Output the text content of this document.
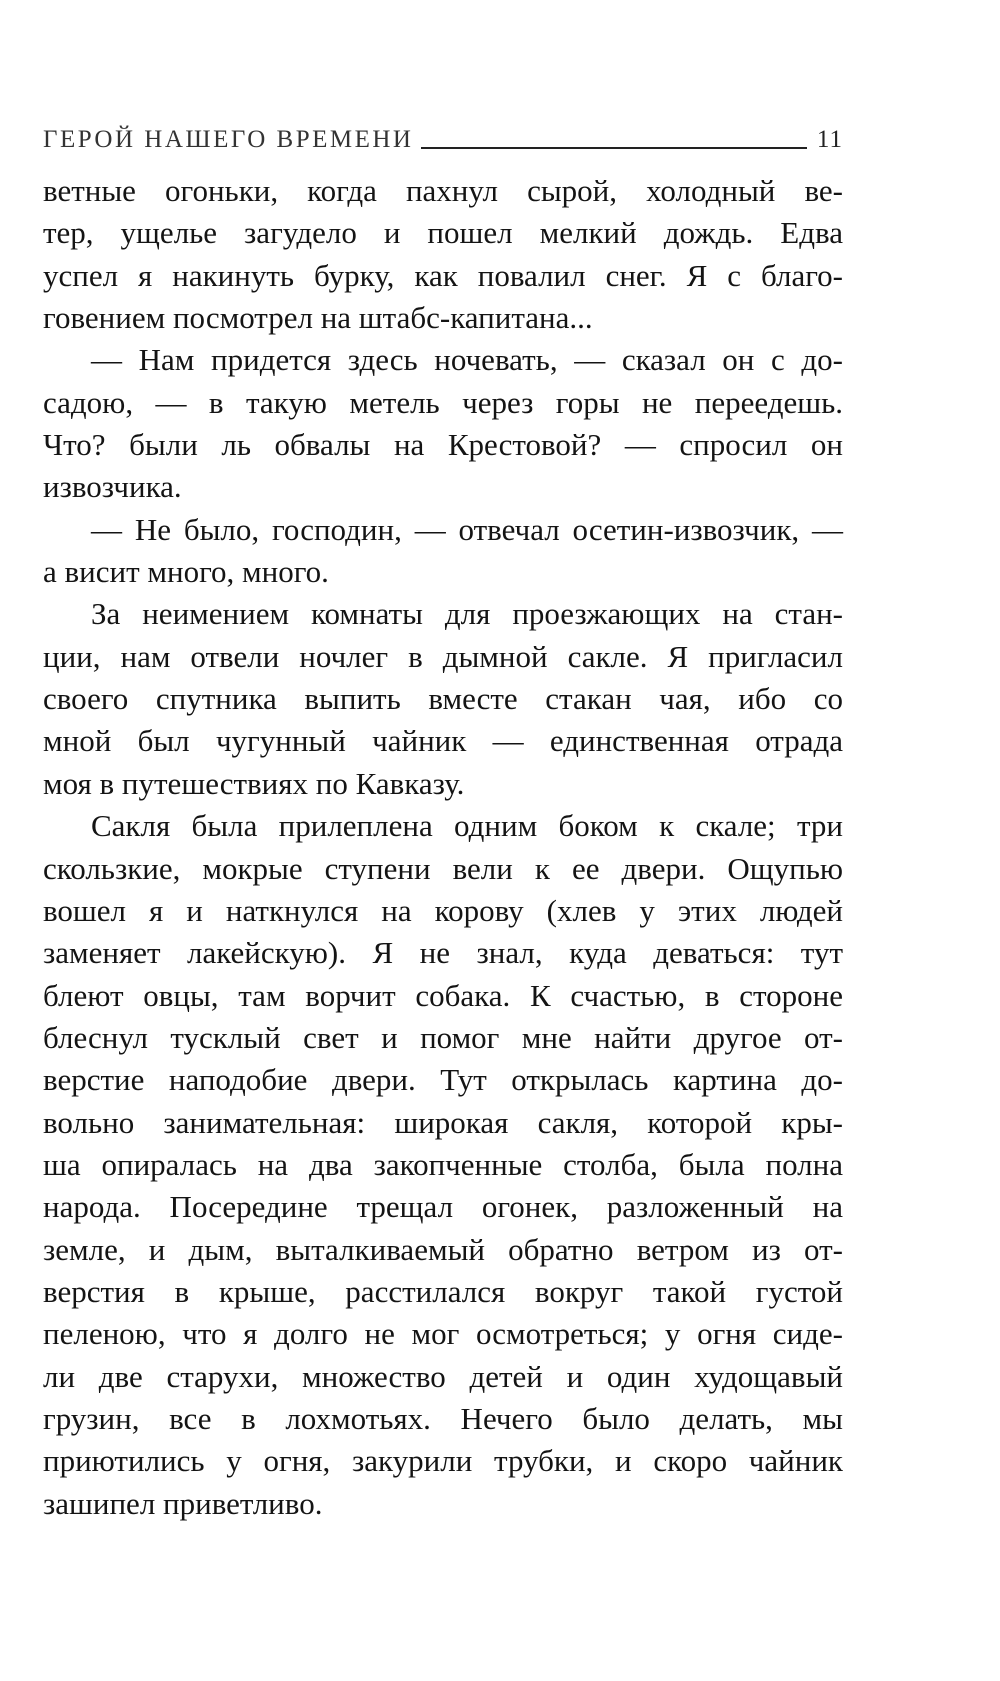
ГЕРОЙ НАШЕГО ВРЕМЕНИ	11
ветные огоньки, когда пахнул сырой, холодный ве-
тер, ущелье загудело и пошел мелкий дождь. Едва
успел я накинуть бурку, как повалил снег. Я с благо-
говением посмотрел на штабс-капитана...
— Нам придется здесь ночевать, — сказал он с до-
садою, — в такую метель через горы не переедешь.
Что? были ль обвалы на Крестовой? — спросил он
извозчика.
— Не было, господин, — отвечал осетин-извозчик, —
а висит много, много.
За неимением комнаты для проезжающих на стан-
ции, нам отвели ночлег в дымной сакле. Я пригласил
своего спутника выпить вместе стакан чая, ибо со
мной был чугунный чайник — единственная отрада
моя в путешествиях по Кавказу.
Сакля была прилеплена одним боком к скале; три
скользкие, мокрые ступени вели к ее двери. Ощупью
вошел я и наткнулся на корову (хлев у этих людей
заменяет лакейскую). Я не знал, куда деваться: тут
блеют овцы, там ворчит собака. К счастью, в стороне
блеснул тусклый свет и помог мне найти другое от-
верстие наподобие двери. Тут открылась картина до-
вольно занимательная: широкая сакля, которой кры-
ша опиралась на два закопченные столба, была полна
народа. Посередине трещал огонек, разложенный на
земле, и дым, выталкиваемый обратно ветром из от-
верстия в крыше, расстилался вокруг такой густой
пеленою, что я долго не мог осмотреться; у огня сиде-
ли две старухи, множество детей и один худощавый
грузин, все в лохмотьях. Нечего было делать, мы
приютились у огня, закурили трубки, и скоро чайник
зашипел приветливо.
